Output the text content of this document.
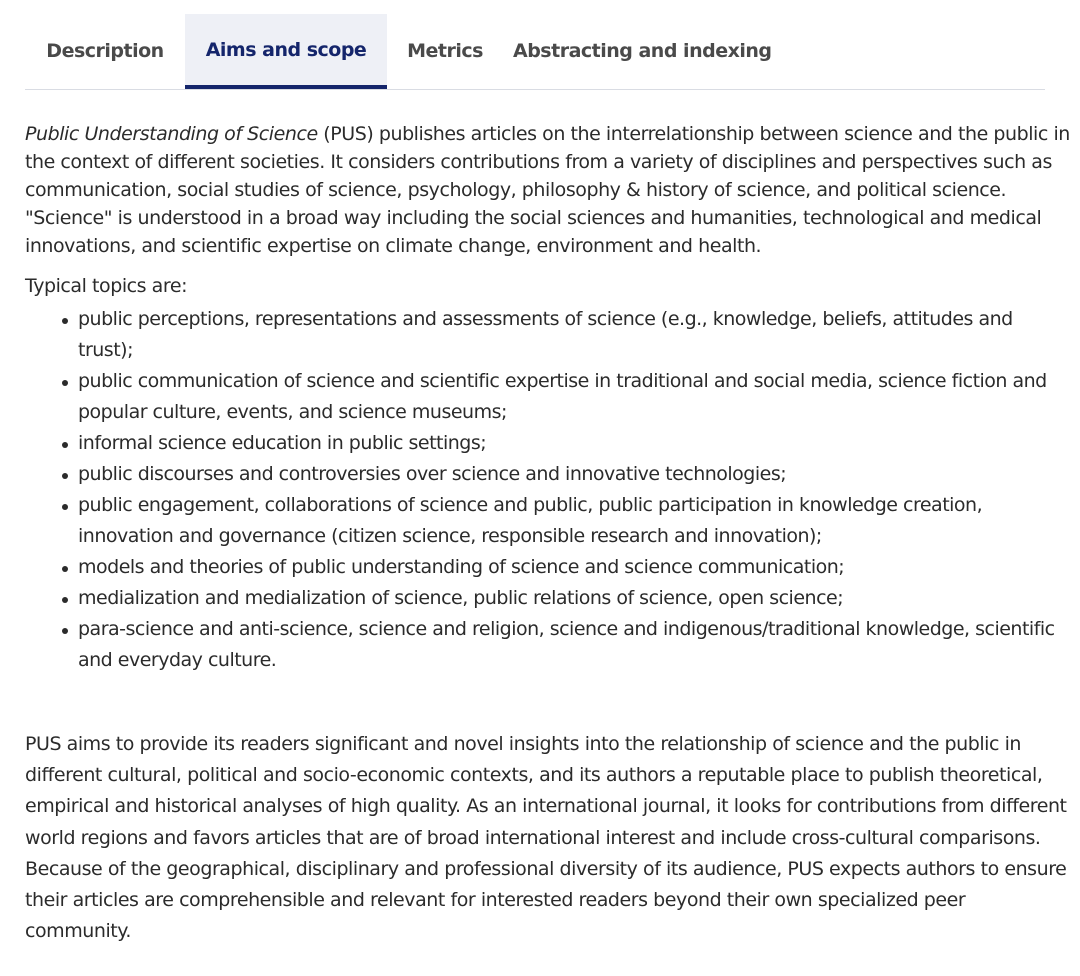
Description	Aims and scope	Metrics	Abstracting and indexing

Public Understanding of Science (PUS) publishes articles on the interrelationship between science and the public in the context of different societies. It considers contributions from a variety of disciplines and perspectives such as communication, social studies of science, psychology, philosophy & history of science, and political science. "Science" is understood in a broad way including the social sciences and humanities, technological and medical innovations, and scientific expertise on climate change, environment and health.

Typical topics are:

public perceptions, representations and assessments of science (e.g., knowledge, beliefs, attitudes and trust);
public communication of science and scientific expertise in traditional and social media, science fiction and popular culture, events, and science museums;
informal science education in public settings;
public discourses and controversies over science and innovative technologies;
public engagement, collaborations of science and public, public participation in knowledge creation, innovation and governance (citizen science, responsible research and innovation);
models and theories of public understanding of science and science communication;
medialization and medialization of science, public relations of science, open science;
para-science and anti-science, science and religion, science and indigenous/traditional knowledge, scientific and everyday culture.

PUS aims to provide its readers significant and novel insights into the relationship of science and the public in different cultural, political and socio-economic contexts, and its authors a reputable place to publish theoretical, empirical and historical analyses of high quality. As an international journal, it looks for contributions from different world regions and favors articles that are of broad international interest and include cross-cultural comparisons. Because of the geographical, disciplinary and professional diversity of its audience, PUS expects authors to ensure their articles are comprehensible and relevant for interested readers beyond their own specialized peer community.
